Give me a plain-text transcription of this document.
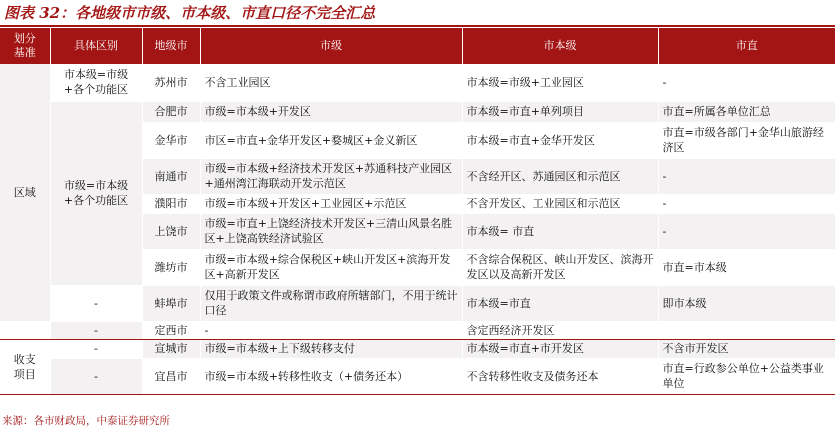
图表 32：各地级市市级、市本级、市直口径不完全汇总
划分
基准	具体区别	地级市	市级	市本级	市直
区域	市本级=市级
+各个功能区	苏州市	不含工业园区	市本级=市级+工业园区	-
	市级=市本级
+各个功能区	合肥市	市级=市本级+开发区	市本级=市直+单列项目	市直=所属各单位汇总
		金华市	市区=市直+金华开发区+婺城区+金义新区	市本级=市直+金华开发区	市直=市级各部门+金华山旅游经济区
		南通市	市级=市本级+经济技术开发区+苏通科技产业园区+通州湾江海联动开发示范区	不含经开区、苏通园区和示范区	-
		濮阳市	市级=市本级+开发区+工业园区+示范区	不含开发区、工业园区和示范区	-
		上饶市	市级=市直+上饶经济技术开发区+三清山风景名胜区+上饶高铁经济试验区	市本级= 市直	-
		潍坊市	市级=市本级+综合保税区+峡山开发区+滨海开发区+高新开发区	不含综合保税区、峡山开发区、滨海开发区以及高新开发区	市直=市本级
	-	蚌埠市	仅用于政策文件或称谓市政府所辖部门，不用于统计口径	市本级=市直	即市本级
	-	定西市	-	含定西经济开发区	
收支
项目	-	宣城市	市级=市本级+上下级转移支付	市本级=市直+市开发区	不含市开发区
	-	宜昌市	市级=市本级+转移性收支（+债务还本）	不含转移性收支及债务还本	市直=行政参公单位+公益类事业单位
来源：各市财政局，中泰证券研究所
